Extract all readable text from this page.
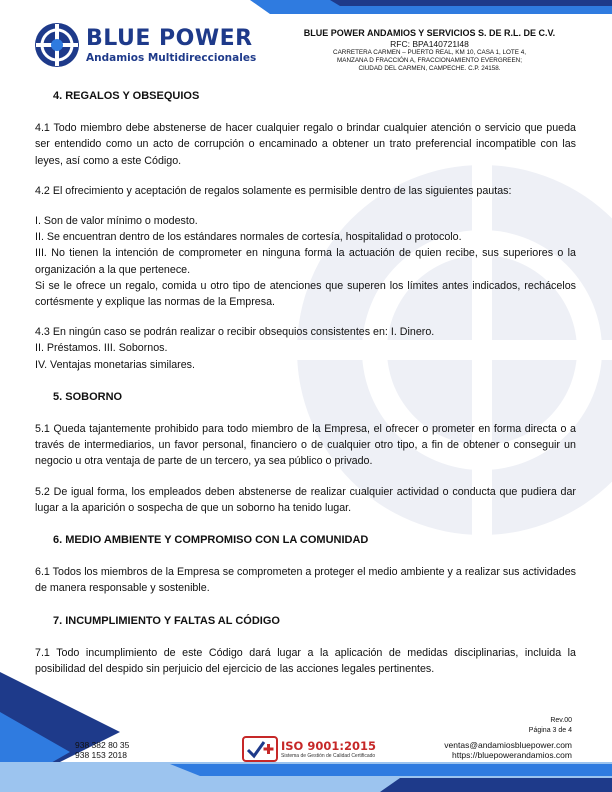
BLUE POWER
Andamios Multidireccionales
BLUE POWER ANDAMIOS Y SERVICIOS S. DE R.L. DE C.V.
RFC: BPA140721I48
CARRETERA CARMEN – PUERTO REAL, KM 10, CASA 1, LOTE 4,
MANZANA D FRACCIÓN A, FRACCIONAMIENTO EVERGREEN;
CIUDAD DEL CARMEN, CAMPECHE. C.P. 24158.
4. REGALOS Y OBSEQUIOS

4.1 Todo miembro debe abstenerse de hacer cualquier regalo o brindar cualquier atención o servicio que pueda ser entendido como un acto de corrupción o encaminado a obtener un trato preferencial incompatible con las leyes, así como a este Código.

4.2 El ofrecimiento y aceptación de regalos solamente es permisible dentro de las siguientes pautas:

I. Son de valor mínimo o modesto.

II. Se encuentran dentro de los estándares normales de cortesía, hospitalidad o protocolo.

III. No tienen la intención de comprometer en ninguna forma la actuación de quien recibe, sus superiores o la organización a la que pertenece.

Si se le ofrece un regalo, comida u otro tipo de atenciones que superen los límites antes indicados, rechácelos cortésmente y explique las normas de la Empresa.

4.3 En ningún caso se podrán realizar o recibir obsequios consistentes en: I. Dinero.

II. Préstamos. III. Sobornos.

IV. Ventajas monetarias similares.

5. SOBORNO

5.1 Queda tajantemente prohibido para todo miembro de la Empresa, el ofrecer o prometer en forma directa o a través de intermediarios, un favor personal, financiero o de cualquier otro tipo, a fin de obtener o conseguir un negocio u otra ventaja de parte de un tercero, ya sea público o privado.

5.2 De igual forma, los empleados deben abstenerse de realizar cualquier actividad o conducta que pudiera dar lugar a la aparición o sospecha de que un soborno ha tenido lugar.

6. MEDIO AMBIENTE Y COMPROMISO CON LA COMUNIDAD

6.1 Todos los miembros de la Empresa se comprometen a proteger el medio ambiente y a realizar sus actividades de manera responsable y sostenible.

7. INCUMPLIMIENTO Y FALTAS AL CÓDIGO

7.1 Todo incumplimiento de este Código dará lugar a la aplicación de medidas disciplinarias, incluida la posibilidad del despido sin perjuicio del ejercicio de las acciones legales pertinentes.

Rev.00
Página 3 de 4
938 382 80 35
938 153 2018
ISO 9001:2015
Sistema de Gestión de Calidad Certificado
ventas@andamiosbluepower.com
https://bluepowerandamios.com
